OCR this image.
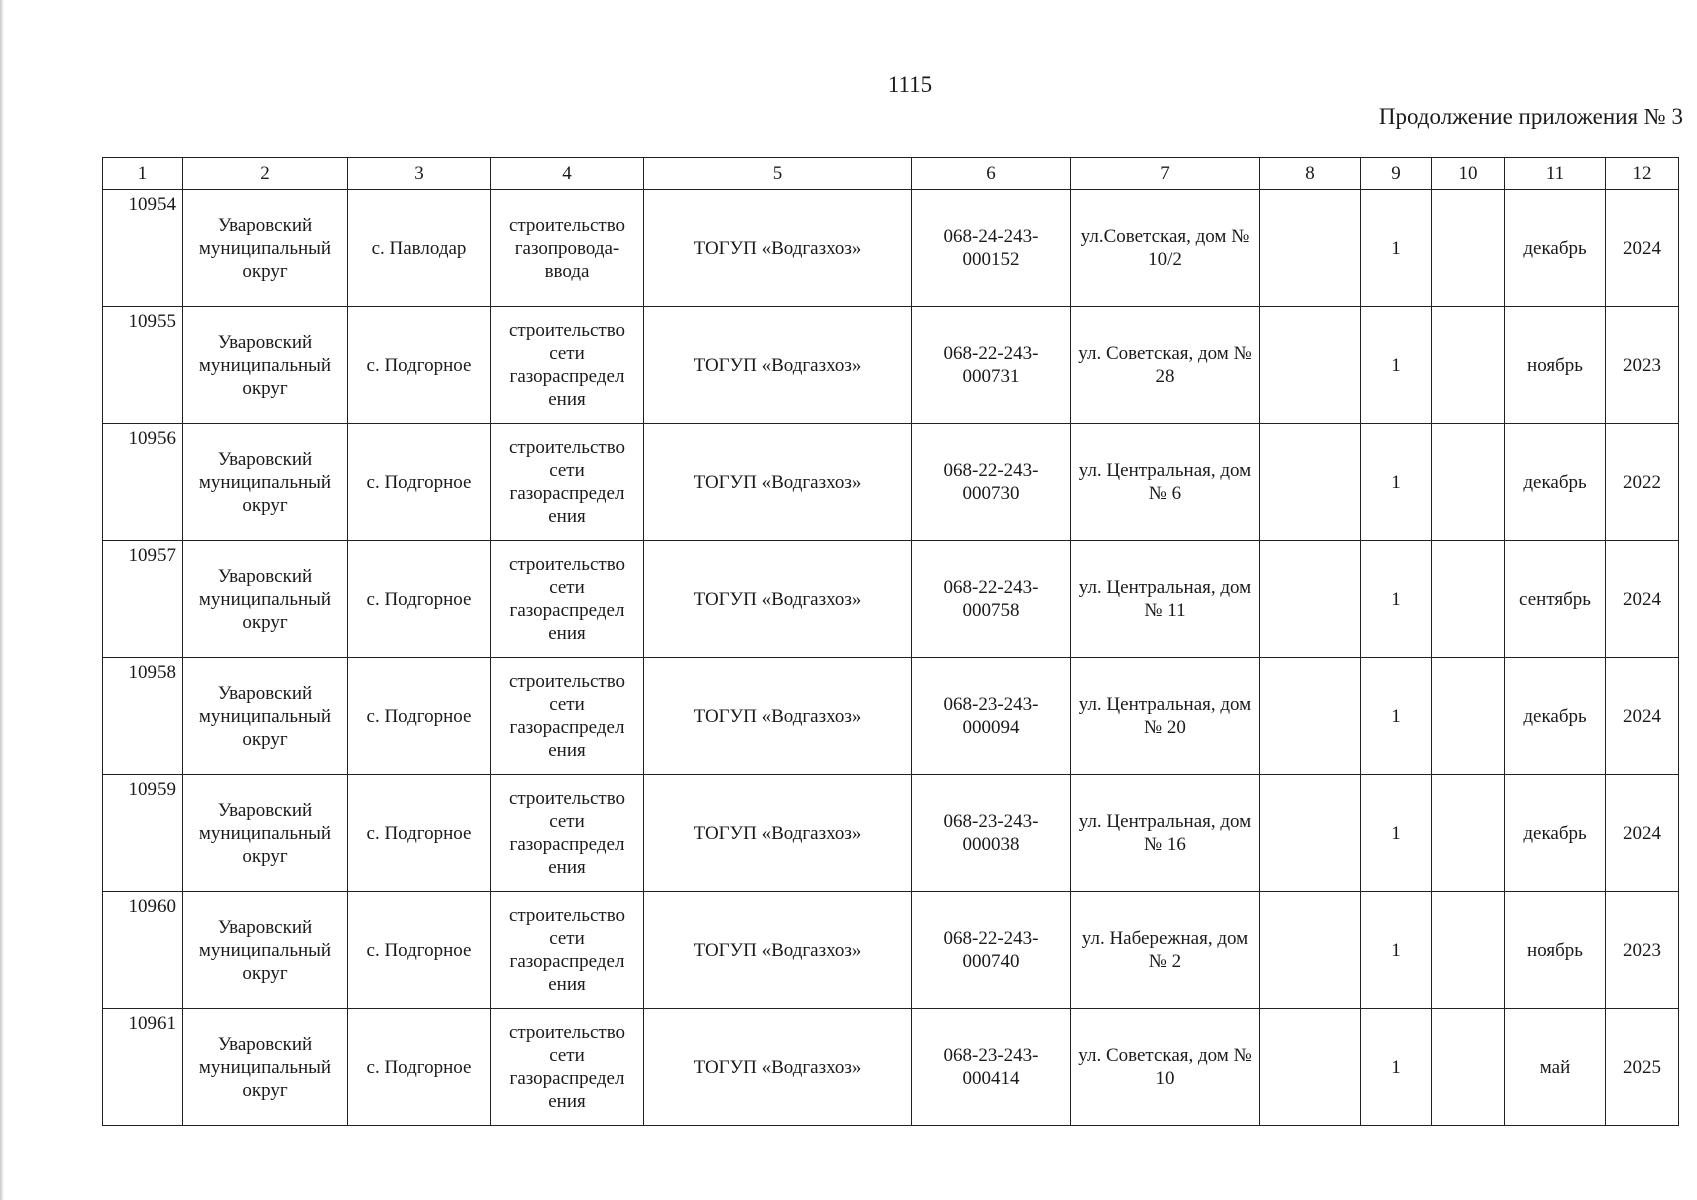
1115
Продолжение приложения № 3
1	2	3	4	5	6	7	8	9	10	11	12
10954	Уваровский муниципальный округ	с. Павлодар	строительство газопровода-ввода	ТОГУП «Водгазхоз»	068-24-243-000152	ул.Советская, дом № 10/2		1		декабрь	2024
10955	Уваровский муниципальный округ	с. Подгорное	строительство сети газораспредел ения	ТОГУП «Водгазхоз»	068-22-243-000731	ул. Советская, дом № 28		1		ноябрь	2023
10956	Уваровский муниципальный округ	с. Подгорное	строительство сети газораспредел ения	ТОГУП «Водгазхоз»	068-22-243-000730	ул. Центральная, дом № 6		1		декабрь	2022
10957	Уваровский муниципальный округ	с. Подгорное	строительство сети газораспредел ения	ТОГУП «Водгазхоз»	068-22-243-000758	ул. Центральная, дом № 11		1		сентябрь	2024
10958	Уваровский муниципальный округ	с. Подгорное	строительство сети газораспредел ения	ТОГУП «Водгазхоз»	068-23-243-000094	ул. Центральная, дом № 20		1		декабрь	2024
10959	Уваровский муниципальный округ	с. Подгорное	строительство сети газораспредел ения	ТОГУП «Водгазхоз»	068-23-243-000038	ул. Центральная, дом № 16		1		декабрь	2024
10960	Уваровский муниципальный округ	с. Подгорное	строительство сети газораспредел ения	ТОГУП «Водгазхоз»	068-22-243-000740	ул. Набережная, дом № 2		1		ноябрь	2023
10961	Уваровский муниципальный округ	с. Подгорное	строительство сети газораспредел ения	ТОГУП «Водгазхоз»	068-23-243-000414	ул. Советская, дом № 10		1		май	2025
